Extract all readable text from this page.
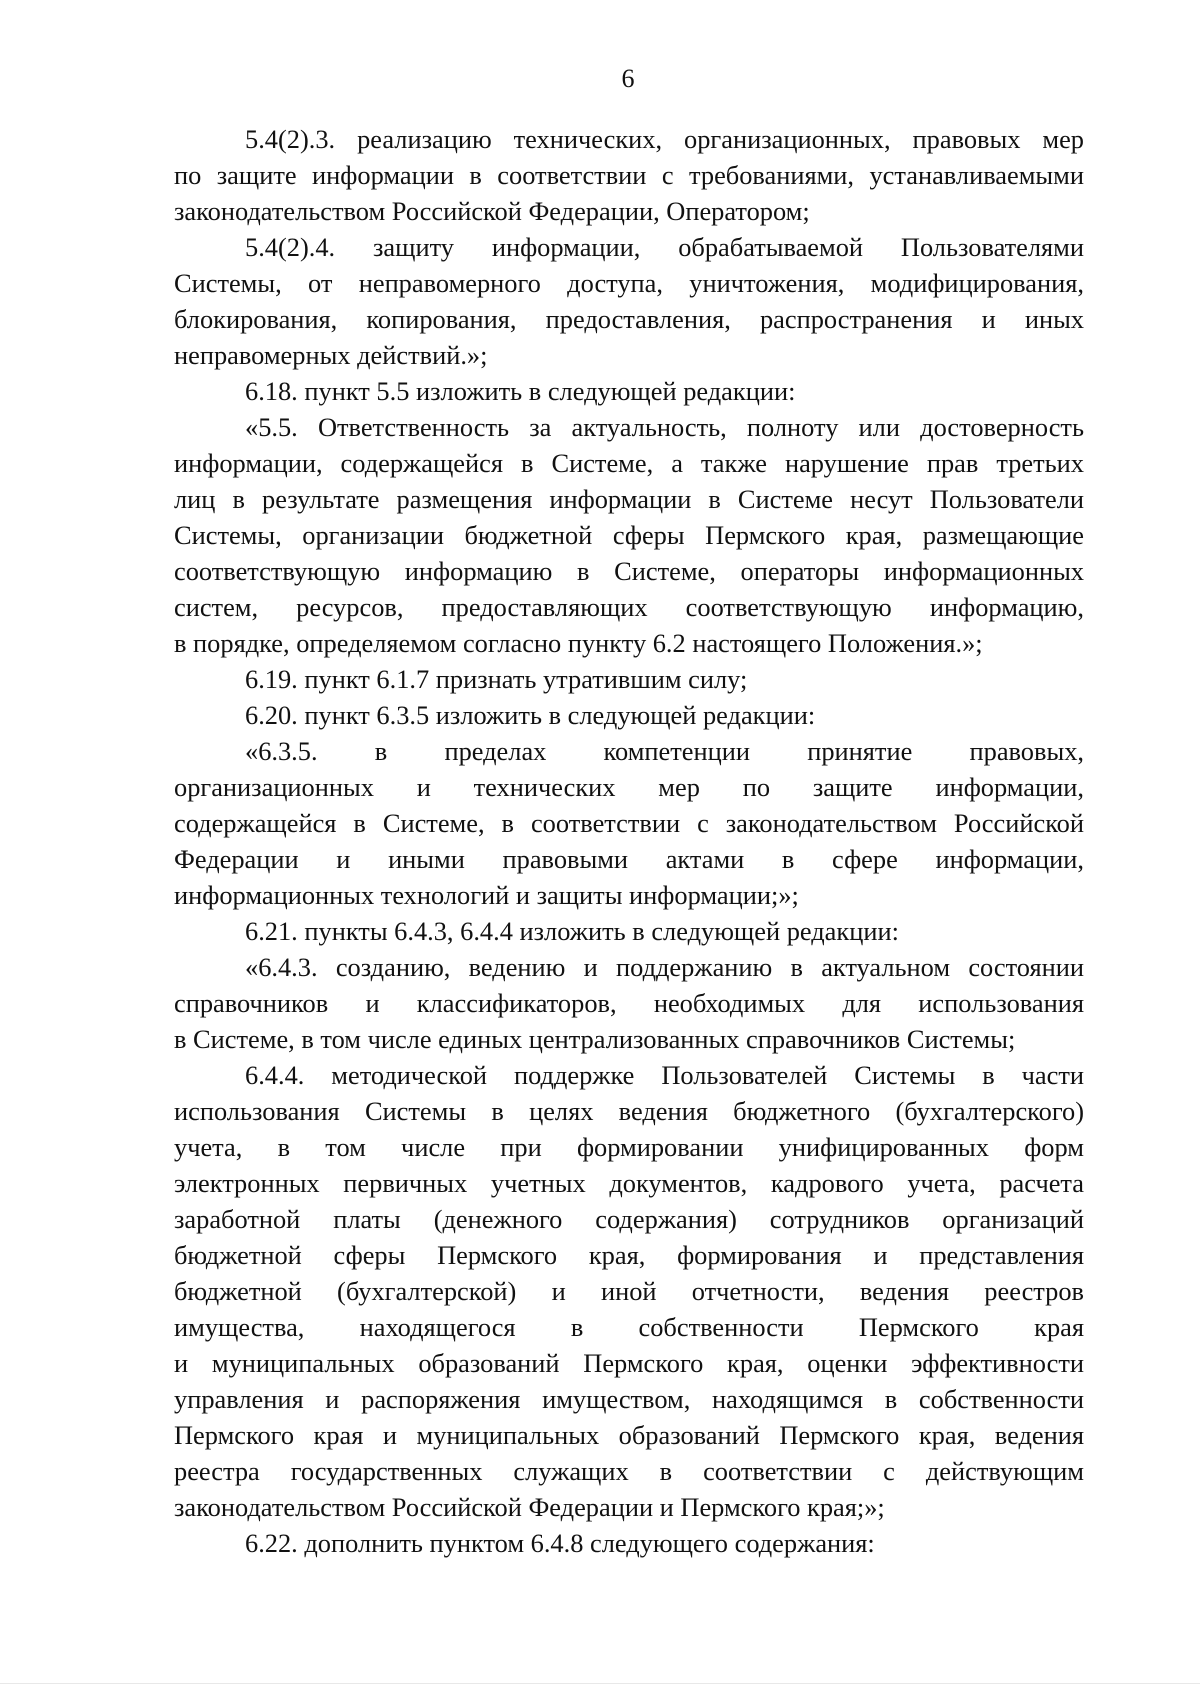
6
5.4(2).3. реализацию технических, организационных, правовых мер
по защите информации в соответствии с требованиями, устанавливаемыми
законодательством Российской Федерации, Оператором;
5.4(2).4. защиту информации, обрабатываемой Пользователями
Системы, от неправомерного доступа, уничтожения, модифицирования,
блокирования, копирования, предоставления, распространения и иных
неправомерных действий.»;
6.18. пункт 5.5 изложить в следующей редакции:
«5.5. Ответственность за актуальность, полноту или достоверность
информации, содержащейся в Системе, а также нарушение прав третьих
лиц в результате размещения информации в Системе несут Пользователи
Системы, организации бюджетной сферы Пермского края, размещающие
соответствующую информацию в Системе, операторы информационных
систем, ресурсов, предоставляющих соответствующую информацию,
в порядке, определяемом согласно пункту 6.2 настоящего Положения.»;
6.19. пункт 6.1.7 признать утратившим силу;
6.20. пункт 6.3.5 изложить в следующей редакции:
«6.3.5. в пределах компетенции принятие правовых,
организационных и технических мер по защите информации,
содержащейся в Системе, в соответствии с законодательством Российской
Федерации и иными правовыми актами в сфере информации,
информационных технологий и защиты информации;»;
6.21. пункты 6.4.3, 6.4.4 изложить в следующей редакции:
«6.4.3. созданию, ведению и поддержанию в актуальном состоянии
справочников и классификаторов, необходимых для использования
в Системе, в том числе единых централизованных справочников Системы;
6.4.4. методической поддержке Пользователей Системы в части
использования Системы в целях ведения бюджетного (бухгалтерского)
учета, в том числе при формировании унифицированных форм
электронных первичных учетных документов, кадрового учета, расчета
заработной платы (денежного содержания) сотрудников организаций
бюджетной сферы Пермского края, формирования и представления
бюджетной (бухгалтерской) и иной отчетности, ведения реестров
имущества, находящегося в собственности Пермского края
и муниципальных образований Пермского края, оценки эффективности
управления и распоряжения имуществом, находящимся в собственности
Пермского края и муниципальных образований Пермского края, ведения
реестра государственных служащих в соответствии с действующим
законодательством Российской Федерации и Пермского края;»;
6.22. дополнить пунктом 6.4.8 следующего содержания:
